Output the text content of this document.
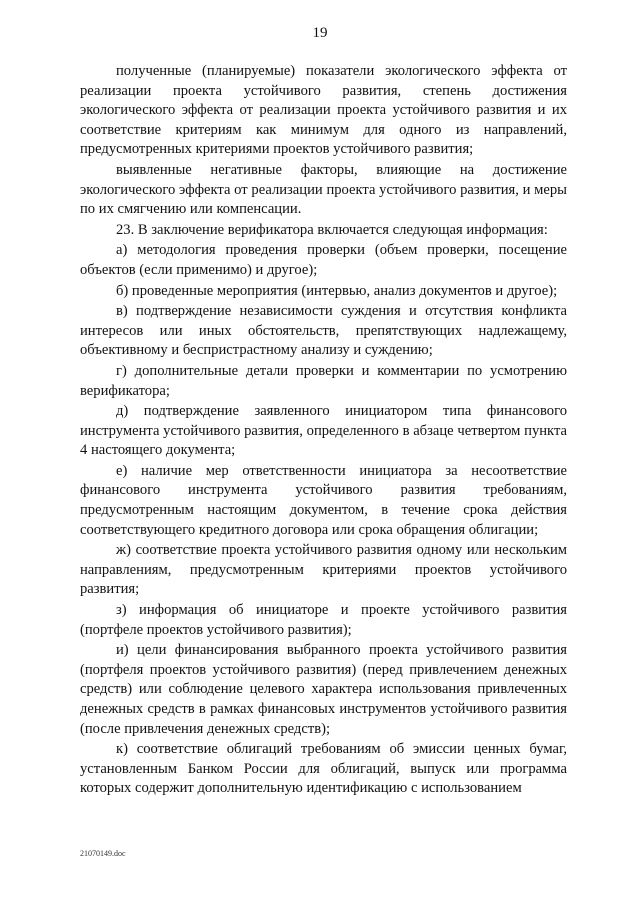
19

полученные (планируемые) показатели экологического эффекта от реализации проекта устойчивого развития, степень достижения экологического эффекта от реализации проекта устойчивого развития и их соответствие критериям как минимум для одного из направлений, предусмотренных критериями проектов устойчивого развития;

выявленные негативные факторы, влияющие на достижение экологического эффекта от реализации проекта устойчивого развития, и меры по их смягчению или компенсации.

23. В заключение верификатора включается следующая информация:

а) методология проведения проверки (объем проверки, посещение объектов (если применимо) и другое);

б) проведенные мероприятия (интервью, анализ документов и другое);

в) подтверждение независимости суждения и отсутствия конфликта интересов или иных обстоятельств, препятствующих надлежащему, объективному и беспристрастному анализу и суждению;

г) дополнительные детали проверки и комментарии по усмотрению верификатора;

д) подтверждение заявленного инициатором типа финансового инструмента устойчивого развития, определенного в абзаце четвертом пункта 4 настоящего документа;

е) наличие мер ответственности инициатора за несоответствие финансового инструмента устойчивого развития требованиям, предусмотренным настоящим документом, в течение срока действия соответствующего кредитного договора или срока обращения облигации;

ж) соответствие проекта устойчивого развития одному или нескольким направлениям, предусмотренным критериями проектов устойчивого развития;

з) информация об инициаторе и проекте устойчивого развития (портфеле проектов устойчивого развития);

и) цели финансирования выбранного проекта устойчивого развития (портфеля проектов устойчивого развития) (перед привлечением денежных средств) или соблюдение целевого характера использования привлеченных денежных средств в рамках финансовых инструментов устойчивого развития (после привлечения денежных средств);

к) соответствие облигаций требованиям об эмиссии ценных бумаг, установленным Банком России для облигаций, выпуск или программа которых содержит дополнительную идентификацию с использованием

21070149.doc
